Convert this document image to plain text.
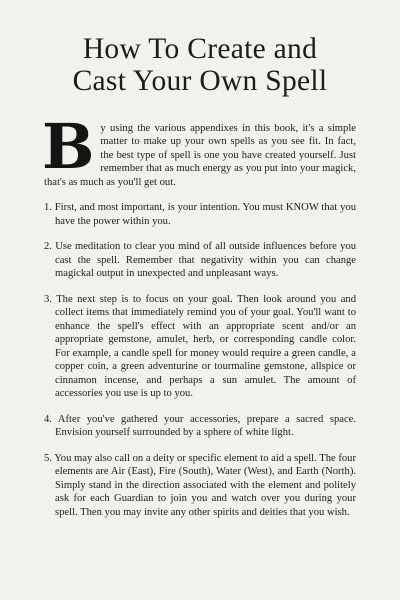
How To Create and
Cast Your Own Spell

By using the various appendixes in this book, it's a simple matter to make up your own spells as you see fit. In fact, the best type of spell is one you have created yourself. Just remember that as much energy as you put into your magick, that's as much as you'll get out.

1. First, and most important, is your intention. You must KNOW that you have the power within you.

2. Use meditation to clear you mind of all outside influences before you cast the spell. Remember that negativity within you can change magickal output in unexpected and unpleasant ways.

3. The next step is to focus on your goal. Then look around you and collect items that immediately remind you of your goal. You'll want to enhance the spell's effect with an appropriate scent and/or an appropriate gemstone, amulet, herb, or corresponding candle color. For example, a candle spell for money would require a green candle, a copper coin, a green adventurine or tourmaline gemstone, allspice or cinnamon incense, and perhaps a sun amulet. The amount of accessories you use is up to you.

4. After you've gathered your accessories, prepare a sacred space. Envision yourself surrounded by a sphere of white light.

5. You may also call on a deity or specific element to aid a spell. The four elements are Air (East), Fire (South), Water (West), and Earth (North). Simply stand in the direction associated with the element and politely ask for each Guardian to join you and watch over you during your spell. Then you may invite any other spirits and deities that you wish.
